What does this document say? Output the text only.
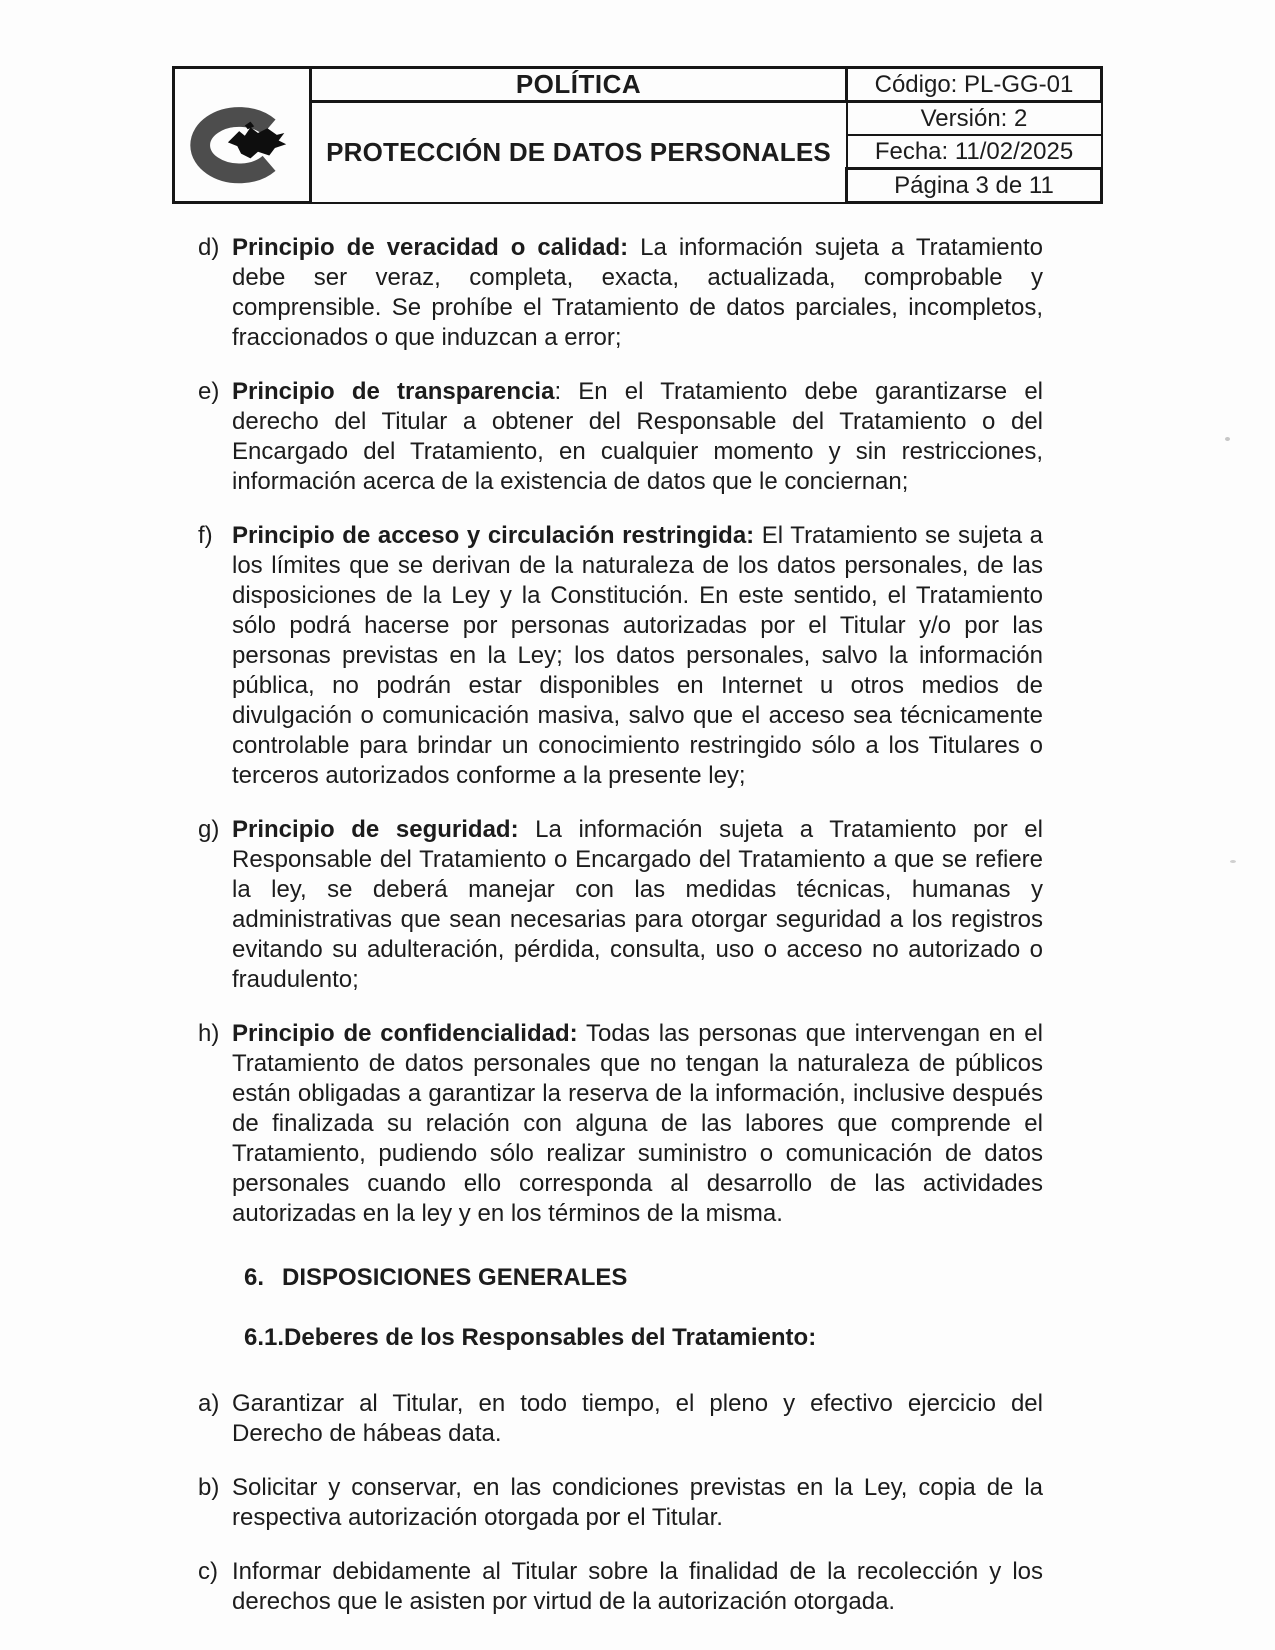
	POLÍTICA	Código: PL-GG-01
	PROTECCIÓN DE DATOS PERSONALES	Versión: 2
		Fecha: 11/02/2025
		Página 3 de 11
d) Principio de veracidad o calidad: La información sujeta a Tratamiento debe ser veraz, completa, exacta, actualizada, comprobable y comprensible. Se prohíbe el Tratamiento de datos parciales, incompletos, fraccionados o que induzcan a error;
e) Principio de transparencia: En el Tratamiento debe garantizarse el derecho del Titular a obtener del Responsable del Tratamiento o del Encargado del Tratamiento, en cualquier momento y sin restricciones, información acerca de la existencia de datos que le conciernan;
f) Principio de acceso y circulación restringida: El Tratamiento se sujeta a los límites que se derivan de la naturaleza de los datos personales, de las disposiciones de la Ley y la Constitución. En este sentido, el Tratamiento sólo podrá hacerse por personas autorizadas por el Titular y/o por las personas previstas en la Ley; los datos personales, salvo la información pública, no podrán estar disponibles en Internet u otros medios de divulgación o comunicación masiva, salvo que el acceso sea técnicamente controlable para brindar un conocimiento restringido sólo a los Titulares o terceros autorizados conforme a la presente ley;
g) Principio de seguridad: La información sujeta a Tratamiento por el Responsable del Tratamiento o Encargado del Tratamiento a que se refiere la ley, se deberá manejar con las medidas técnicas, humanas y administrativas que sean necesarias para otorgar seguridad a los registros evitando su adulteración, pérdida, consulta, uso o acceso no autorizado o fraudulento;
h) Principio de confidencialidad: Todas las personas que intervengan en el Tratamiento de datos personales que no tengan la naturaleza de públicos están obligadas a garantizar la reserva de la información, inclusive después de finalizada su relación con alguna de las labores que comprende el Tratamiento, pudiendo sólo realizar suministro o comunicación de datos personales cuando ello corresponda al desarrollo de las actividades autorizadas en la ley y en los términos de la misma.
6. DISPOSICIONES GENERALES
6.1.Deberes de los Responsables del Tratamiento:
a) Garantizar al Titular, en todo tiempo, el pleno y efectivo ejercicio del Derecho de hábeas data.
b) Solicitar y conservar, en las condiciones previstas en la Ley, copia de la respectiva autorización otorgada por el Titular.
c) Informar debidamente al Titular sobre la finalidad de la recolección y los derechos que le asisten por virtud de la autorización otorgada.
